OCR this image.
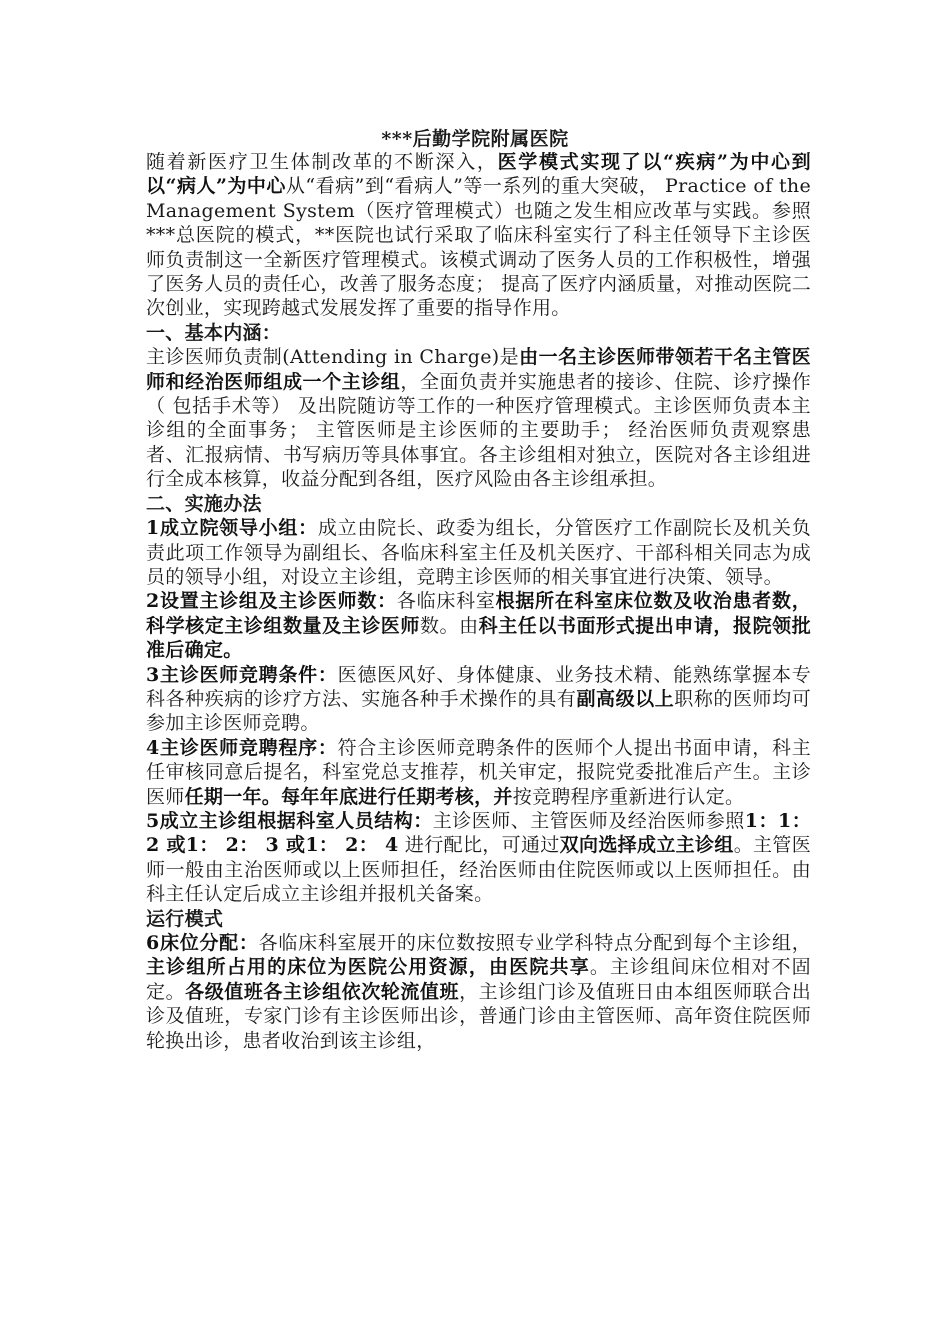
***后勤学院附属医院

随着新医疗卫生体制改革的不断深入，医学模式实现了以“疾病”为中心到以“病人”为中心从“看病”到“看病人”等一系列的重大突破， Practice of the Management System（医疗管理模式）也随之发生相应改革与实践。参照***总医院的模式，**医院也试行采取了临床科室实行了科主任领导下主诊医师负责制这一全新医疗管理模式。该模式调动了医务人员的工作积极性，增强了医务人员的责任心，改善了服务态度； 提高了医疗内涵质量，对推动医院二次创业，实现跨越式发展发挥了重要的指导作用。

一、基本内涵：

主诊医师负责制(Attending in Charge)是由一名主诊医师带领若干名主管医师和经治医师组成一个主诊组，全面负责并实施患者的接诊、住院、诊疗操作（ 包括手术等） 及出院随访等工作的一种医疗管理模式。主诊医师负责本主诊组的全面事务； 主管医师是主诊医师的主要助手； 经治医师负责观察患者、汇报病情、书写病历等具体事宜。各主诊组相对独立，医院对各主诊组进行全成本核算，收益分配到各组，医疗风险由各主诊组承担。

二、实施办法

1成立院领导小组：成立由院长、政委为组长，分管医疗工作副院长及机关负责此项工作领导为副组长、各临床科室主任及机关医疗、干部科相关同志为成员的领导小组，对设立主诊组，竞聘主诊医师的相关事宜进行决策、领导。

2设置主诊组及主诊医师数：各临床科室根据所在科室床位数及收治患者数，科学核定主诊组数量及主诊医师数。由科主任以书面形式提出申请，报院领批准后确定。

3主诊医师竞聘条件：医德医风好、身体健康、业务技术精、能熟练掌握本专科各种疾病的诊疗方法、实施各种手术操作的具有副高级以上职称的医师均可参加主诊医师竞聘。

4主诊医师竞聘程序：符合主诊医师竞聘条件的医师个人提出书面申请，科主任审核同意后提名，科室党总支推荐，机关审定，报院党委批准后产生。主诊医师任期一年。每年年底进行任期考核，并按竞聘程序重新进行认定。

5成立主诊组根据科室人员结构：主诊医师、主管医师及经治医师参照1：1： 2 或1： 2： 3 或1： 2： 4 进行配比，可通过双向选择成立主诊组。主管医师一般由主治医师或以上医师担任，经治医师由住院医师或以上医师担任。由科主任认定后成立主诊组并报机关备案。

运行模式

6床位分配：各临床科室展开的床位数按照专业学科特点分配到每个主诊组，主诊组所占用的床位为医院公用资源，由医院共享。主诊组间床位相对不固定。各级值班各主诊组依次轮流值班，主诊组门诊及值班日由本组医师联合出诊及值班，专家门诊有主诊医师出诊，普通门诊由主管医师、高年资住院医师轮换出诊，患者收治到该主诊组，
